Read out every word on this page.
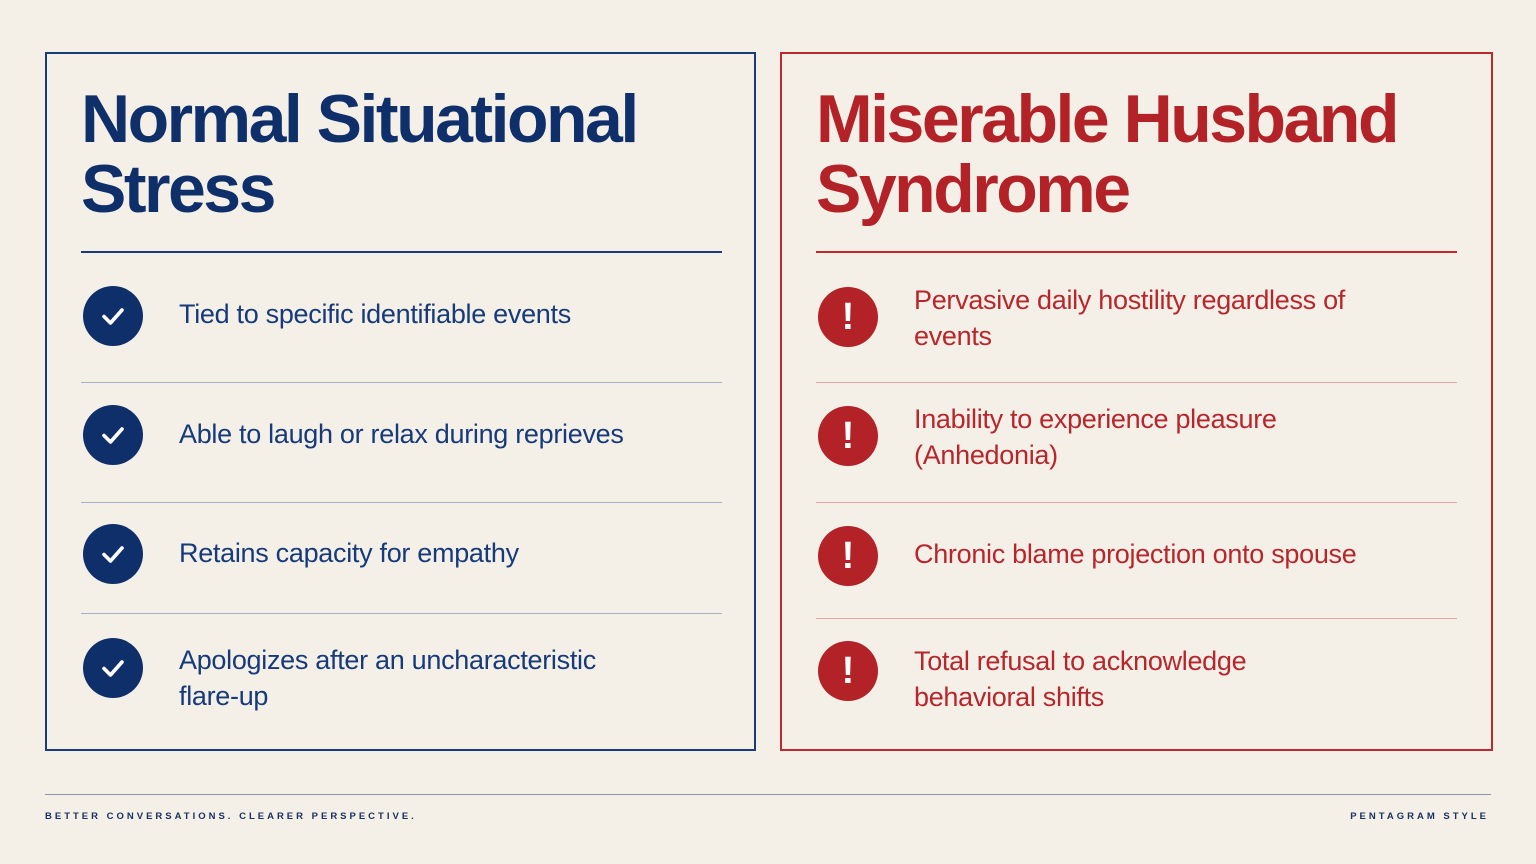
Normal Situational Stress
Tied to specific identifiable events
Able to laugh or relax during reprieves
Retains capacity for empathy
Apologizes after an uncharacteristic flare-up
Miserable Husband Syndrome
! Pervasive daily hostility regardless of events
! Inability to experience pleasure (Anhedonia)
! Chronic blame projection onto spouse
! Total refusal to acknowledge behavioral shifts
BETTER CONVERSATIONS. CLEARER PERSPECTIVE.	PENTAGRAM STYLE
